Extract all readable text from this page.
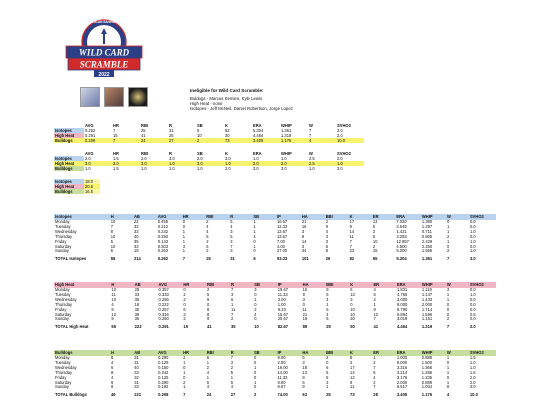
NORTH AMERICAN BASEBALL LEAGUE
WILD CARD
SCRAMBLE
2022
Ineligible for Wild Card Scramble:
Buldogs - Marcus Semien, Kyle Lewis
High Heat - none
Isotopes - Jeff McNeil, Daniel Robertson, Jorge Lopez
	AVG	HR	RBI	R	SB	K	ERA	WHIP	W	SVHO2
Isotopes	0.262	7	25	31	5	82	5.304	1.361	7	3.0
High Heat	0.291	15	41	26	10	30	4.464	1.319	7	2.0
Bulldogs	0.208	7	24	27	2	73	3.405	1.176	4	10.0
	AVG	HR	RBI	R	SB	K	ERA	WHIP	W	SVHO2
Isotopes	2.0	1.5	2.0	3.0	2.0	3.0	1.0	1.0	2.5	2.0
High Heat	3.0	3.0	3.0	1.0	3.0	1.0	2.0	2.0	2.5	1.0
Bulldogs	1.0	1.5	1.0	1.0	1.0	2.0	3.0	3.0	1.0	3.0
Isotopes	18.0
High Heat	20.5
Bulldogs	16.5
Isotopes	H	AB	AVG	HR	RBI	R	SB	IP	HA	BBI	K	ER	ERA	WHIP	W	SVHO2
Monday	10	22	0.455	0	2	6	1	16.67	21	2	17	13	7.020	1.380	0	0.0
Tuesday	7	33	0.212	0	4	4	1	12.33	16	9	9	5	3.649	1.297	1	0.0
Wednesday	8	33	0.242	1	4	3	1	12.67	3	4	14	2	1.421	0.711	1	1.0
Thursday	10	40	0.250	1	6	5	1	13.67	8	3	11	5	3.293	0.805	2	0.0
Friday	5	35	0.143	1	2	3	0	7.00	14	3	7	10	12.857	2.429	1	1.0
Saturday	10	33	0.303	3	5	7	1	4.00	3	6	7	2	4.500	2.250	0	0.0
Sunday	5	19	0.263	1	2	3	0	27.00	34	8	23	15	5.000	1.556	2	1.0
TOTAL Isotopes	55	214	0.262	7	25	31	5	93.33	101	26	82	55	5.304	1.361	7	3.0
High Heat	H	AB	AVG	HR	RBI	R	SB	IP	HA	BBI	K	ER	ERA	WHIP	W	SVHO2
Monday	10	28	0.357	0	2	7	3	19.67	16	9	6	4	1.831	1.119	3	0.0
Tuesday	11	33	0.333	2	5	3	0	11.33	8	5	13	6	4.765	1.147	1	1.0
Wednesday	10	35	0.286	2	6	6	1	3.00	3	4	3	2	3.000	1.433	1	0.0
Thursday	4	18	0.222	0	0	1	0	1.00	0	1	0	1	9.000	2.000	0	0.0
Friday	9	35	0.257	6	8	11	2	9.33	11	5	10	9	8.790	1.714	0	0.0
Saturday	12	38	0.316	3	8	7	4	15.67	21	4	10	12	6.894	1.596	0	0.5
Sunday	9	36	0.250	2	9	2	0	20.67	19	5	20	7	3.019	1.161	2	0.0
TOTAL High Heat	65	223	0.291	15	41	35	10	82.67	89	29	50	41	4.464	1.319	7	2.0
Bulldogs	H	AB	AVG	HR	RBI	R	SB	IP	HA	BBI	K	ER	ERA	WHIP	W	SVHO2
Monday	8	31	0.290	2	6	7	0	9.00	6	2	8	1	1.000	0.889	1	1.5
Tuesday	4	31	0.129	1	1	3	0	2.00	3	0	2	2	9.000	1.500	0	1.0
Wednesday	6	40	0.150	0	2	2	1	19.00	18	6	17	7	3.316	1.368	1	1.0
Thursday	8	33	0.242	1	4	5	0	14.00	13	5	14	5	3.214	1.286	1	1.5
Friday	4	32	0.125	0	1	1	0	11.33	8	5	12	4	3.176	1.235	0	2.0
Saturday	9	31	0.290	2	6	5	1	9.00	6	3	8	2	2.000	0.889	1	2.0
Sunday	8	33	0.182	1	4	4	0	9.67	9	1	11	7	6.517	1.034	0	3.0
TOTAL Bulldogs	46	221	0.208	7	24	27	2	74.00	63	25	73	28	3.405	1.176	4	10.0
